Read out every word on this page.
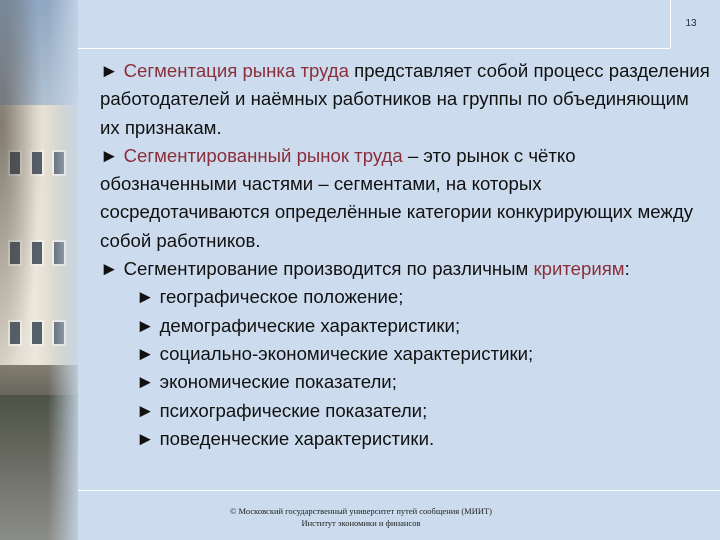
13

► Сегментация рынка труда представляет собой процесс разделения работодателей и наёмных работников на группы по объединяющим их признакам.

► Сегментированный рынок труда – это рынок с чётко обозначенными частями – сегментами, на которых сосредотачиваются определённые категории конкурирующих между собой работников.

► Сегментирование производится по различным критериям:

► географическое положение;
► демографические характеристики;
► социально-экономические характеристики;
► экономические показатели;
► психографические показатели;
► поведенческие характеристики.
© Московский государственный университет путей сообщения (МИИТ)
Институт экономики и финансов
